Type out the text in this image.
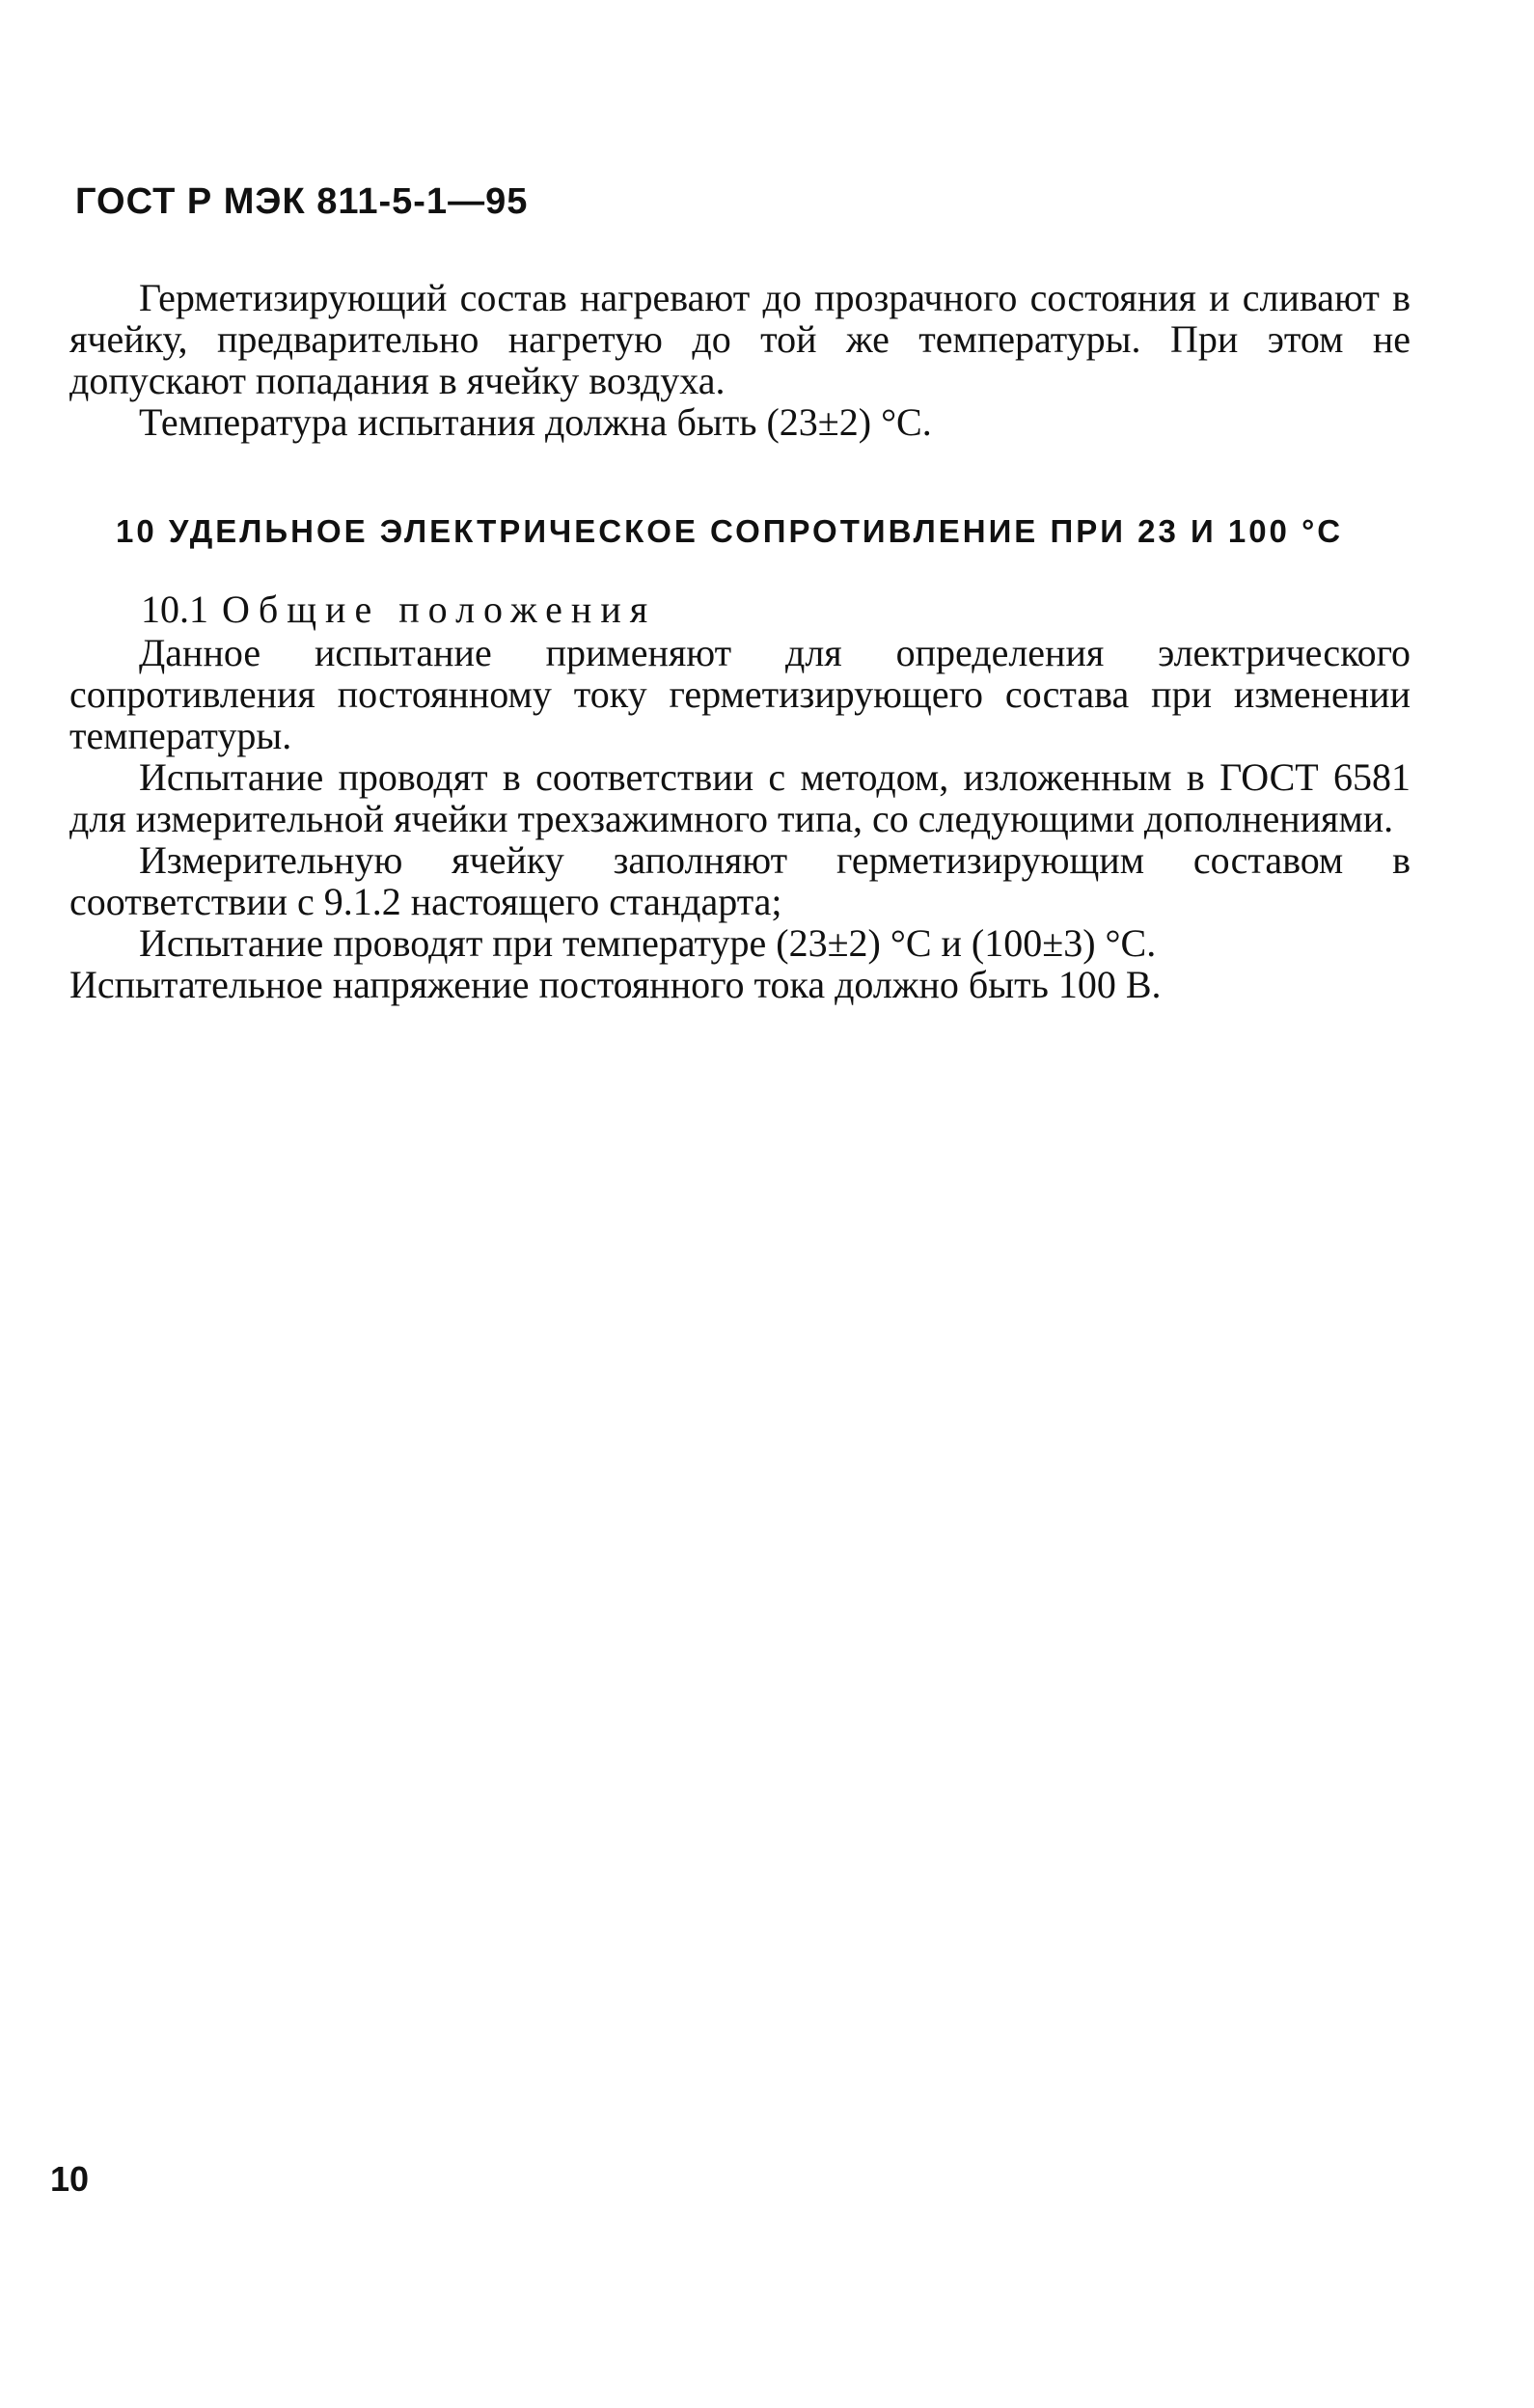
ГОСТ Р МЭК 811-5-1—95

Герметизирующий состав нагревают до прозрачного состояния и сливают в ячейку, предварительно нагретую до той же температуры. При этом не допускают попадания в ячейку воздуха.

Температура испытания должна быть (23±2) °С.

10 УДЕЛЬНОЕ ЭЛЕКТРИЧЕСКОЕ СОПРОТИВЛЕНИЕ ПРИ 23 И 100 °С
10.1 Общие положения

Данное испытание применяют для определения электрического сопротивления постоянному току герметизирующего состава при изменении температуры.

Испытание проводят в соответствии с методом, изложенным в ГОСТ 6581 для измерительной ячейки трехзажимного типа, со следующими дополнениями.

Измерительную ячейку заполняют герметизирующим составом в соответствии с 9.1.2 настоящего стандарта;

Испытание проводят при температуре (23±2) °С и (100±3) °С.

Испытательное напряжение постоянного тока должно быть 100 В.

10
